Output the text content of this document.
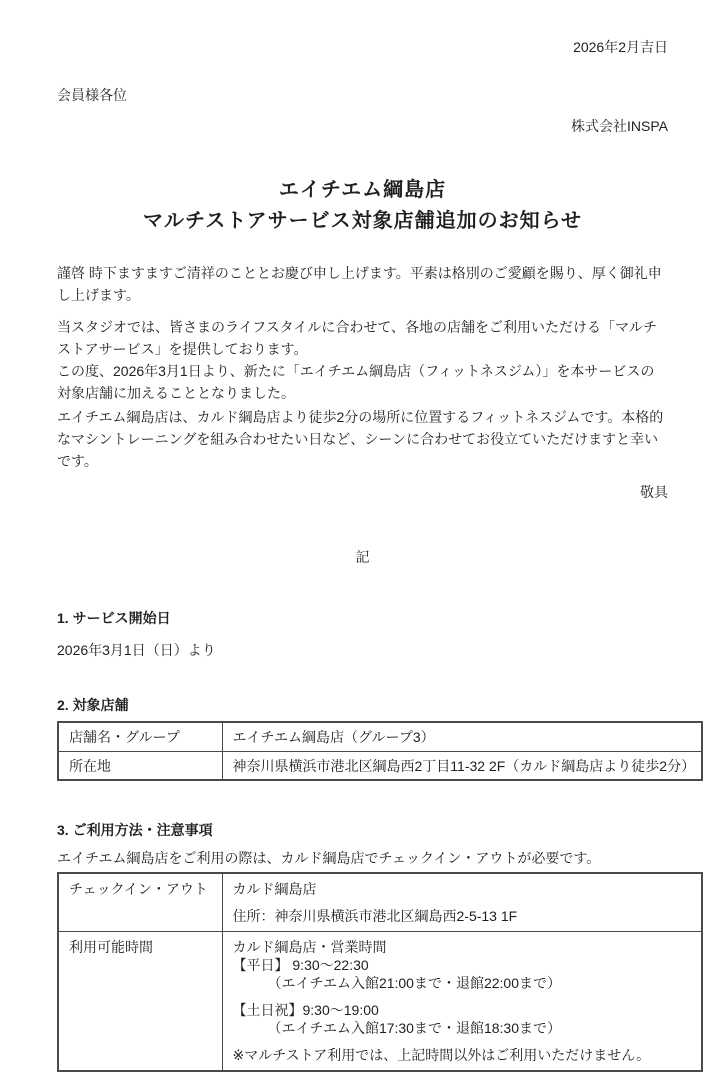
2026年2月吉日
会員様各位
株式会社INSPA
エイチエム綱島店
マルチストアサービス対象店舗追加のお知らせ
謹啓 時下ますますご清祥のこととお慶び申し上げます。平素は格別のご愛顧を賜り、厚く御礼申し上げます。
当スタジオでは、皆さまのライフスタイルに合わせて、各地の店舗をご利用いただける「マルチストアサービス」を提供しております。
この度、2026年3月1日より、新たに「エイチエム綱島店（フィットネスジム）」を本サービスの対象店舗に加えることとなりました。
エイチエム綱島店は、カルド綱島店より徒歩2分の場所に位置するフィットネスジムです。本格的なマシントレーニングを組み合わせたい日など、シーンに合わせてお役立ていただけますと幸いです。
敬具
記
1. サービス開始日
2026年3月1日（日）より
2. 対象店舗
店舗名・グループ	エイチエム綱島店（グループ3）
所在地	神奈川県横浜市港北区綱島西2丁目11-32 2F（カルド綱島店より徒歩2分）
3. ご利用方法・注意事項
エイチエム綱島店をご利用の際は、カルド綱島店でチェックイン・アウトが必要です。
チェックイン・アウト	カルド綱島店
住所：神奈川県横浜市港北区綱島西2-5-13 1F

利用可能時間	カルド綱島店・営業時間
【平日】 9:30〜22:30
　　　（エイチエム入館21:00まで・退館22:00まで）
【土日祝】9:30〜19:00
　　　（エイチエム入館17:30まで・退館18:30まで）
※マルチストア利用では、上記時間以外はご利用いただけません。
